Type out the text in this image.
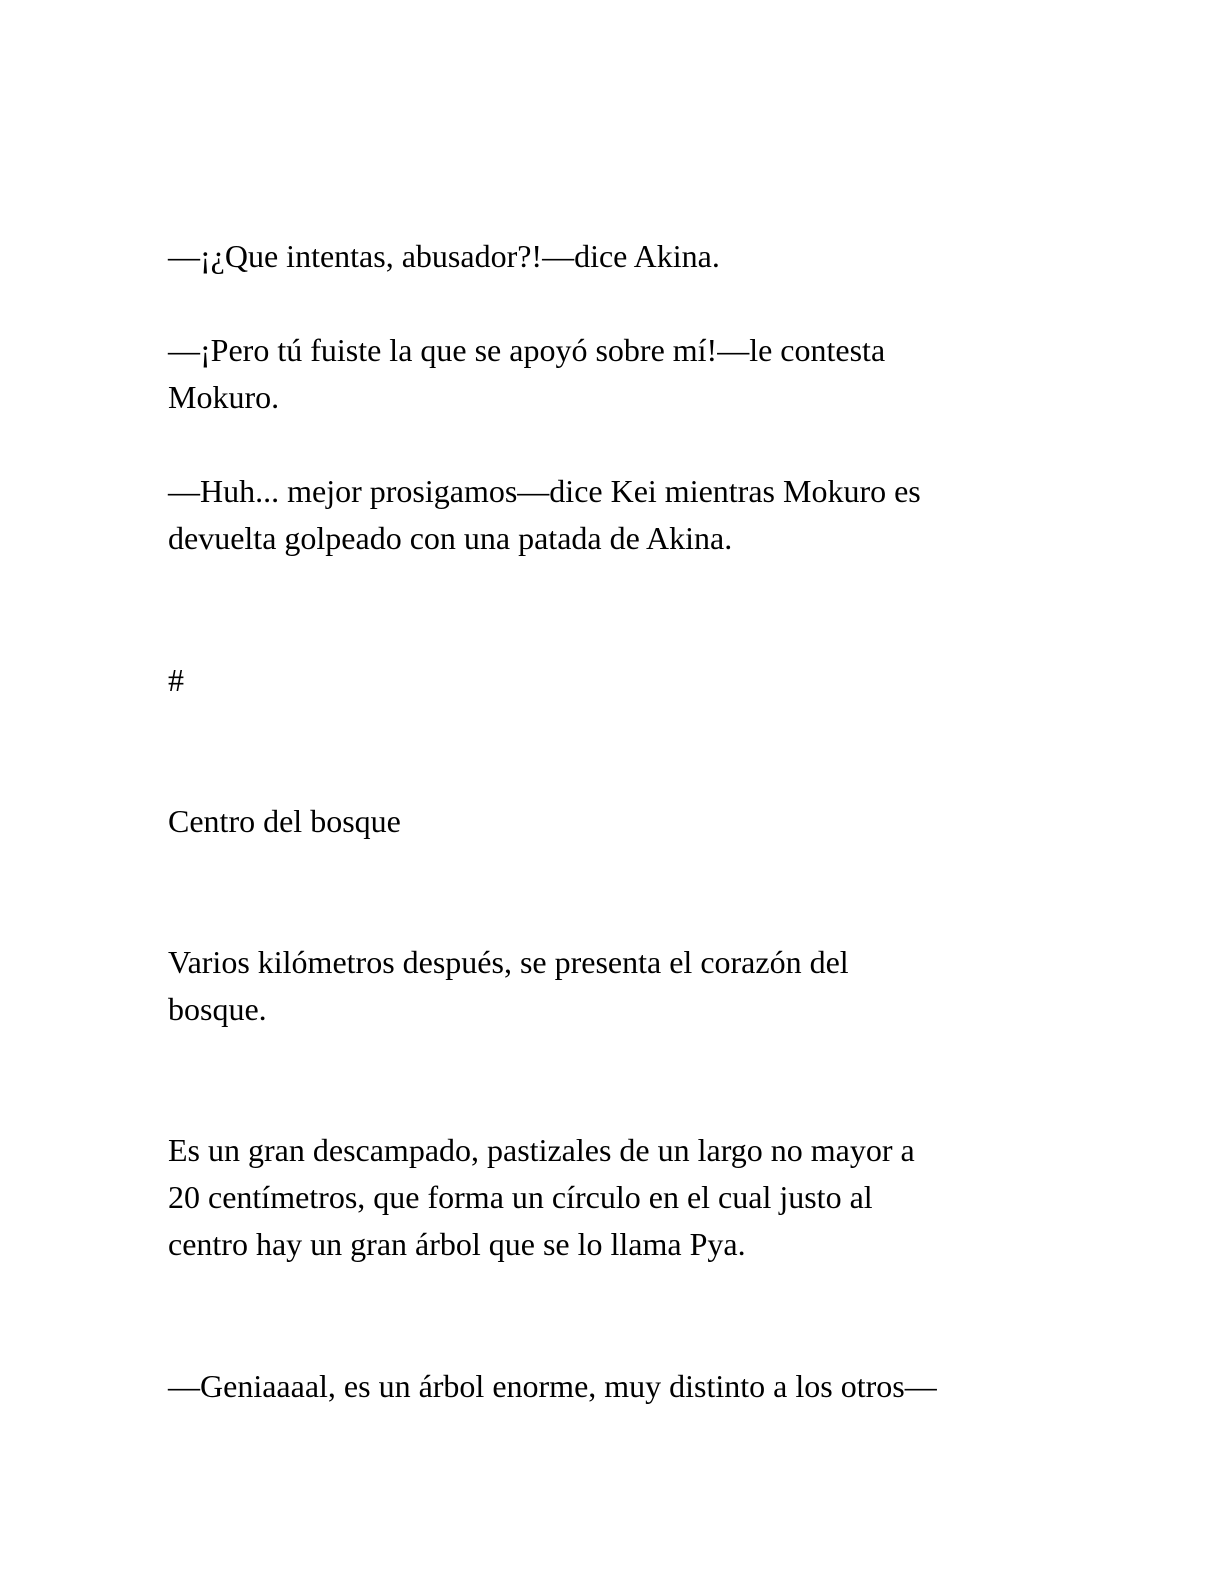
—¡¿Que intentas, abusador?!—dice Akina.

—¡Pero tú fuiste la que se apoyó sobre mí!—le contesta
Mokuro.

—Huh... mejor prosigamos—dice Kei mientras Mokuro es
devuelta golpeado con una patada de Akina.

#

Centro del bosque

Varios kilómetros después, se presenta el corazón del
bosque.

Es un gran descampado, pastizales de un largo no mayor a
20 centímetros, que forma un círculo en el cual justo al
centro hay un gran árbol que se lo llama Pya.

—Geniaaaal, es un árbol enorme, muy distinto a los otros—
